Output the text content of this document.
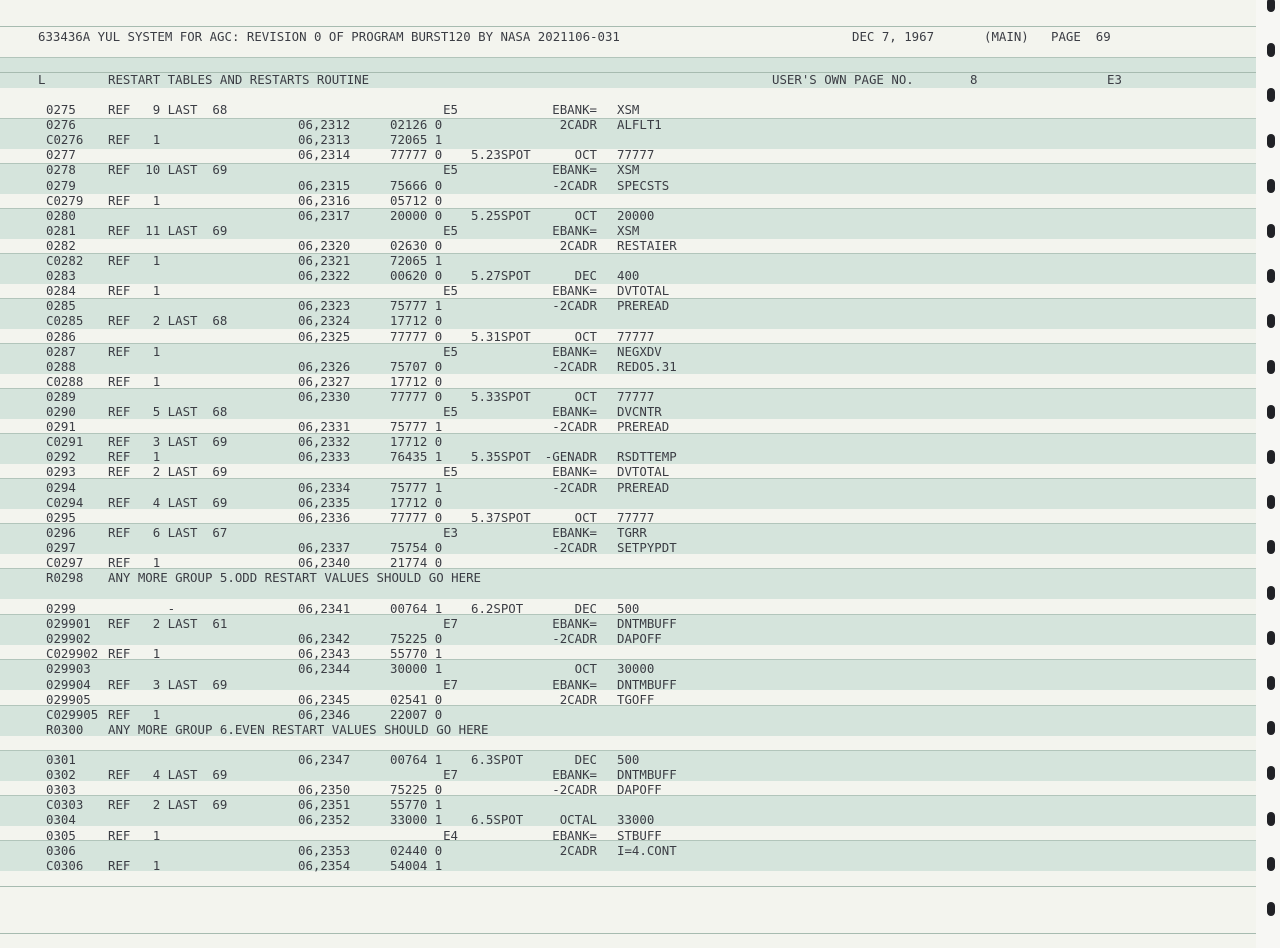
633436A YUL SYSTEM FOR AGC: REVISION 0 OF PROGRAM BURST120 BY NASA 2021106-031	DEC 7, 1967	(MAIN) PAGE  69
L	RESTART TABLES AND RESTARTS ROUTINE	USER'S OWN PAGE NO.	8	E3
0275	REF   9 LAST  68	E5	EBANK= XSM
0276	06,2312	02126 0	2CADR ALFLT1
C0276 REF   1	06,2313	72065 1
0277	06,2314	77777 0 5.23SPOT	OCT 77777
0278	REF  10 LAST  69	E5	EBANK= XSM
0279	06,2315	75666 0	-2CADR SPECSTS
C0279 REF   1	06,2316	05712 0
0280	06,2317	20000 0 5.25SPOT	OCT 20000
0281	REF  11 LAST  69	E5	EBANK= XSM
0282	06,2320	02630 0	2CADR RESTAIER
C0282 REF   1	06,2321	72065 1
0283	06,2322	00620 0 5.27SPOT	DEC 400
0284	REF   1	E5	EBANK= DVTOTAL
0285	06,2323	75777 1	-2CADR PREREAD
C0285 REF   2 LAST  68	06,2324	17712 0
0286	06,2325	77777 0 5.31SPOT	OCT 77777
0287	REF   1	E5	EBANK= NEGXDV
0288	06,2326	75707 0	-2CADR REDO5.31
C0288 REF   1	06,2327	17712 0
0289	06,2330	77777 0 5.33SPOT	OCT 77777
0290	REF   5 LAST  68	E5	EBANK= DVCNTR
0291	06,2331	75777 1	-2CADR PREREAD
C0291 REF   3 LAST  69	06,2332	17712 0
0292	REF   1	06,2333	76435 1 5.35SPOT	-GENADR RSDTTEMP
0293	REF   2 LAST  69	E5	EBANK= DVTOTAL
0294	06,2334	75777 1	-2CADR PREREAD
C0294 REF   4 LAST  69	06,2335	17712 0
0295	06,2336	77777 0 5.37SPOT	OCT 77777
0296	REF   6 LAST  67	E3	EBANK= TGRR
0297	06,2337	75754 0	-2CADR SETPYPDT
C0297 REF   1	06,2340	21774 0
R0298 ANY MORE GROUP 5.ODD RESTART VALUES SHOULD GO HERE
0299	-	06,2341	00764 1 6.2SPOT	DEC 500
029901 REF   2 LAST  61	E7	EBANK= DNTMBUFF
029902	06,2342	75225 0	-2CADR DAPOFF
C029902 REF   1	06,2343	55770 1
029903	06,2344	30000 1	OCT 30000
029904 REF   3 LAST  69	E7	EBANK= DNTMBUFF
029905	06,2345	02541 0	2CADR TGOFF
C029905 REF   1	06,2346	22007 0
R0300 ANY MORE GROUP 6.EVEN RESTART VALUES SHOULD GO HERE
0301	06,2347	00764 1 6.3SPOT	DEC 500
0302	REF   4 LAST  69	E7	EBANK= DNTMBUFF
0303	06,2350	75225 0	-2CADR DAPOFF
C0303 REF   2 LAST  69	06,2351	55770 1
0304	06,2352	33000 1 6.5SPOT	OCTAL 33000
0305	REF   1	E4	EBANK= STBUFF
0306	06,2353	02440 0	2CADR I=4.CONT
C0306 REF   1	06,2354	54004 1
